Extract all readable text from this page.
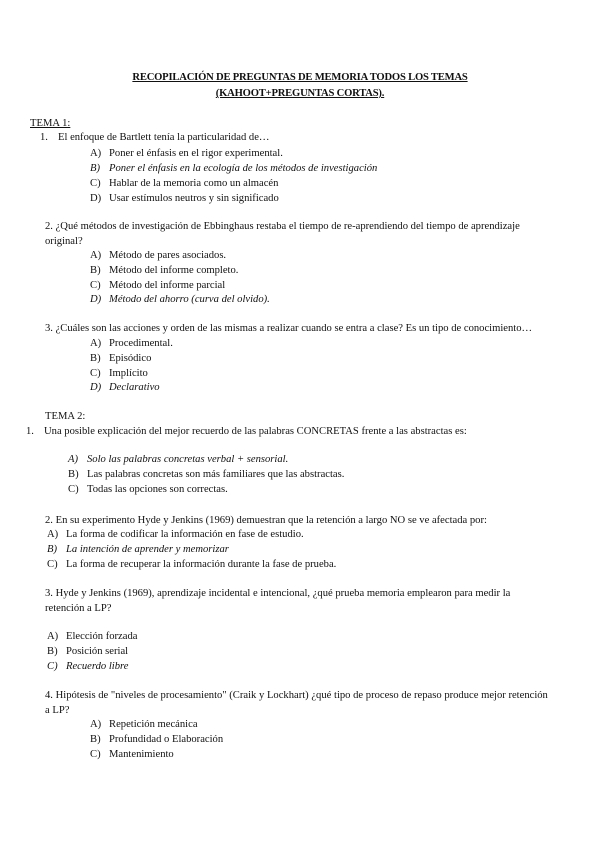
RECOPILACIÓN DE PREGUNTAS DE MEMORIA TODOS LOS TEMAS
(KAHOOT+PREGUNTAS CORTAS).
TEMA 1:
1. El enfoque de Bartlett tenía la particularidad de…
A) Poner el énfasis en el rigor experimental.
B) Poner el énfasis en la ecología de los métodos de investigación
C) Hablar de la memoria como un almacén
D) Usar estímulos neutros y sin significado
2. ¿Qué métodos de investigación de Ebbinghaus restaba el tiempo de re-aprendiendo del tiempo de aprendizaje original?
A) Método de pares asociados.
B) Método del informe completo.
C) Método del informe parcial
D) Método del ahorro (curva del olvido).
3. ¿Cuáles son las acciones y orden de las mismas a realizar cuando se entra a clase? Es un tipo de conocimiento…
A) Procedimental.
B) Episódico
C) Implícito
D) Declarativo
TEMA 2:
1. Una posible explicación del mejor recuerdo de las palabras CONCRETAS frente a las abstractas es:
A) Solo las palabras concretas verbal + sensorial.
B) Las palabras concretas son más familiares que las abstractas.
C) Todas las opciones son correctas.
2. En su experimento Hyde y Jenkins (1969) demuestran que la retención a largo NO se ve afectada por:
A) La forma de codificar la información en fase de estudio.
B) La intención de aprender y memorizar
C) La forma de recuperar la información durante la fase de prueba.
3. Hyde y Jenkins (1969), aprendizaje incidental e intencional, ¿qué prueba memoria emplearon para medir la retención a LP?
A) Elección forzada
B) Posición serial
C) Recuerdo libre
4. Hipótesis de "niveles de procesamiento" (Craik y Lockhart) ¿qué tipo de proceso de repaso produce mejor retención a LP?
A) Repetición mecánica
B) Profundidad o Elaboración
C) Mantenimiento
